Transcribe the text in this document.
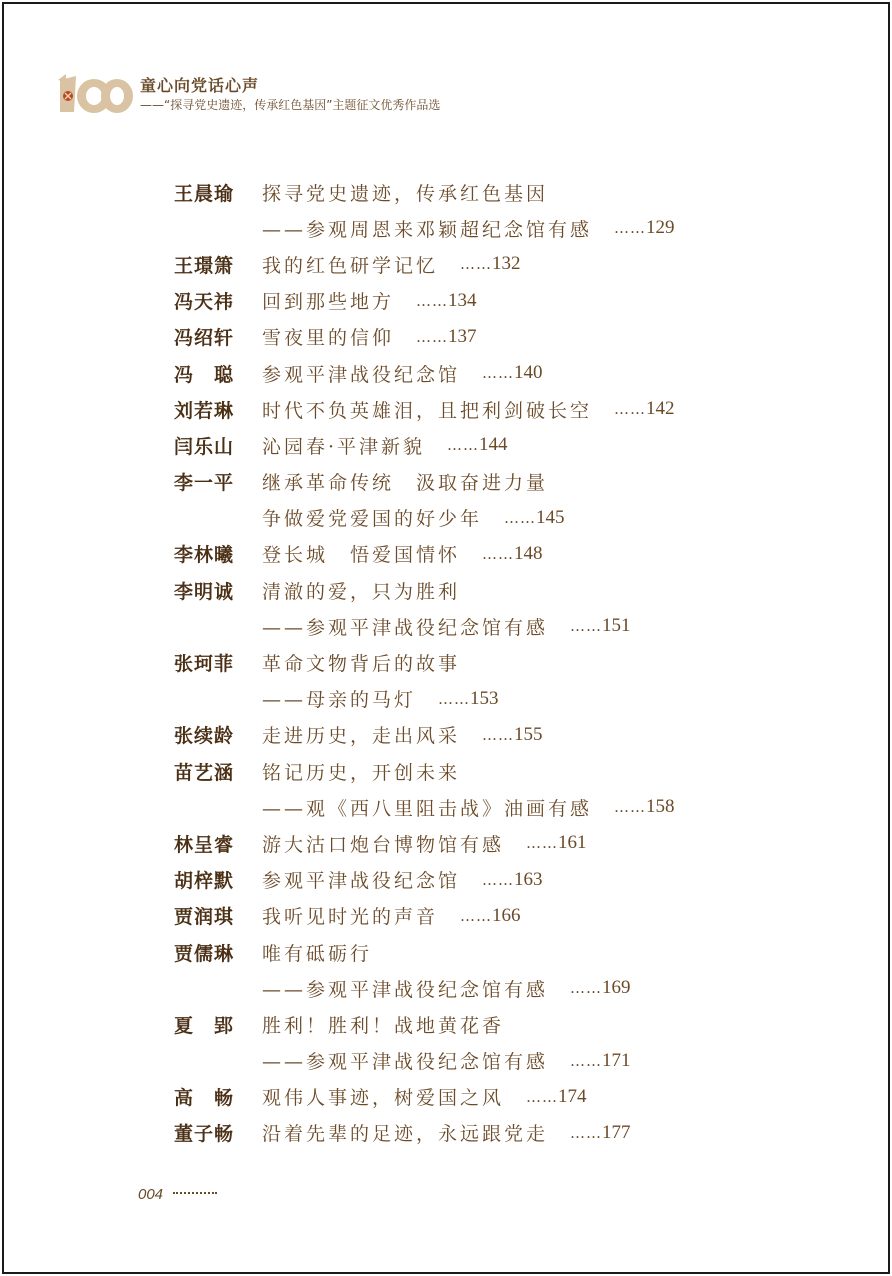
童心向党话心声
——“探寻党史遗迹，传承红色基因”主题征文优秀作品选
王晨瑜	探寻党史遗迹，传承红色基因
——参观周恩来邓颖超纪念馆有感 …… 129
王璟箫	我的红色研学记忆 …… 132
冯天祎	回到那些地方 …… 134
冯绍轩	雪夜里的信仰 …… 137
冯　聪	参观平津战役纪念馆 …… 140
刘若琳	时代不负英雄泪，且把利剑破长空 …… 142
闫乐山	沁园春·平津新貌 …… 144
李一平	继承革命传统　汲取奋进力量
争做爱党爱国的好少年 …… 145
李林曦	登长城　悟爱国情怀 …… 148
李明诚	清澈的爱，只为胜利
——参观平津战役纪念馆有感 …… 151
张珂菲	革命文物背后的故事
——母亲的马灯 …… 153
张续龄	走进历史，走出风采 …… 155
苗艺涵	铭记历史，开创未来
——观《西八里阻击战》油画有感 …… 158
林呈睿	游大沽口炮台博物馆有感 …… 161
胡梓默	参观平津战役纪念馆 …… 163
贾润琪	我听见时光的声音 …… 166
贾儒琳	唯有砥砺行
——参观平津战役纪念馆有感 …… 169
夏　郢	胜利！胜利！战地黄花香
——参观平津战役纪念馆有感 …… 171
高　畅	观伟人事迹，树爱国之风 …… 174
董子畅	沿着先辈的足迹，永远跟党走 …… 177
004
